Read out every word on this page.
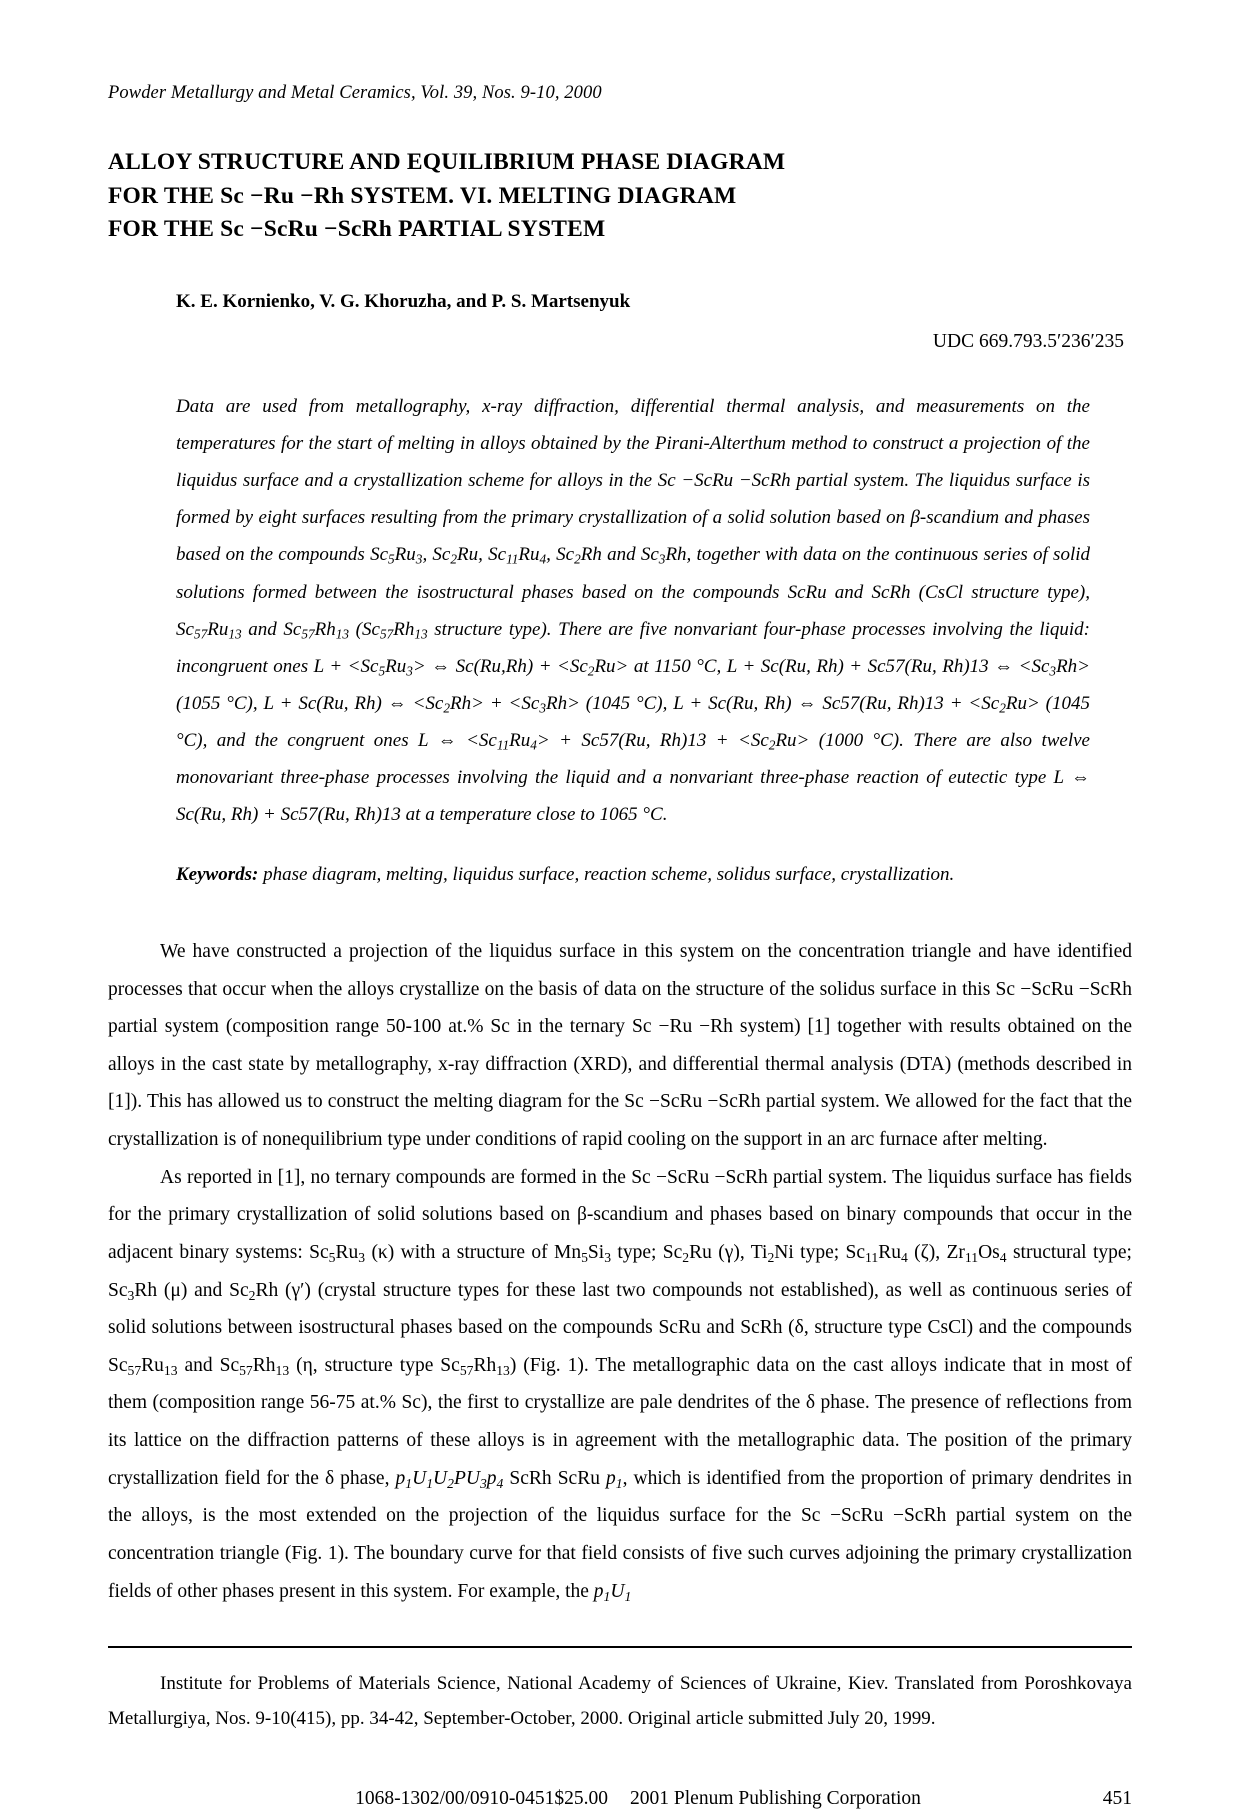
Powder Metallurgy and Metal Ceramics, Vol. 39, Nos. 9-10, 2000
ALLOY STRUCTURE AND EQUILIBRIUM PHASE DIAGRAM
FOR THE Sc −Ru −Rh SYSTEM. VI. MELTING DIAGRAM
FOR THE Sc −ScRu −ScRh PARTIAL SYSTEM
K. E. Kornienko, V. G. Khoruzha, and P. S. Martsenyuk
UDC 669.793.5′236′235
Data are used from metallography, x-ray diffraction, differential thermal analysis, and measurements on the temperatures for the start of melting in alloys obtained by the Pirani-Alterthum method to construct a projection of the liquidus surface and a crystallization scheme for alloys in the Sc −ScRu −ScRh partial system. The liquidus surface is formed by eight surfaces resulting from the primary crystallization of a solid solution based on β-scandium and phases based on the compounds $Sc_5Ru_3$, $Sc_2Ru$, $Sc_{11}Ru_4$, $Sc_2Rh$ and $Sc_3Rh$, together with data on the continuous series of solid solutions formed between the isostructural phases based on the compounds ScRu and ScRh (CsCl structure type), $Sc_{57}Ru_{13}$ and $Sc_{57}Rh_{13}$ ($Sc_{57}Rh_{13}$ structure type). There are five nonvariant four-phase processes involving the liquid: incongruent ones $L + <Sc_5Ru_3>$ ⇔ $Sc(Ru,Rh) + <Sc_2Ru>$ at 1150 °C, L + Sc(Ru, Rh) + Sc57(Ru, Rh)13 ⇔ $<Sc_3Rh> (1055$ °C), L + Sc(Ru, Rh) ⇔ $<Sc_2Rh> + <Sc_3Rh> (1045$ °C), L + Sc(Ru, Rh) ⇔ Sc57(Ru, $Rh)13 + <Sc_2Ru> (1045$ °C), and the congruent ones L ⇔ $<Sc_{11}Ru_4> + Sc57(Ru$, $Rh)13 + <Sc_2Ru> (1000$ °C). There are also twelve monovariant three-phase processes involving the liquid and a nonvariant three-phase reaction of eutectic type L ⇔ Sc(Ru, Rh) + Sc57(Ru, Rh)13 at a temperature close to 1065 °C.
Keywords: phase diagram, melting, liquidus surface, reaction scheme, solidus surface, crystallization.

We have constructed a projection of the liquidus surface in this system on the concentration triangle and have identified processes that occur when the alloys crystallize on the basis of data on the structure of the solidus surface in this Sc −ScRu −ScRh partial system (composition range 50-100 at.% Sc in the ternary Sc −Ru −Rh system) [1] together with results obtained on the alloys in the cast state by metallography, x-ray diffraction (XRD), and differential thermal analysis (DTA) (methods described in [1]). This has allowed us to construct the melting diagram for the Sc −ScRu −ScRh partial system. We allowed for the fact that the crystallization is of nonequilibrium type under conditions of rapid cooling on the support in an arc furnace after melting.

As reported in [1], no ternary compounds are formed in the Sc −ScRu −ScRh partial system. The liquidus surface has fields for the primary crystallization of solid solutions based on β-scandium and phases based on binary compounds that occur in the adjacent binary systems: $Sc_5Ru_3$ (κ) with a structure of $Mn_5Si_3$ type; $Sc_2Ru$ (γ), $Ti_2Ni$ type; $Sc_{11}Ru_4$ (ζ), $Zr_{11}Os_4$ structural type; $Sc_3Rh$ (μ) and $Sc_2Rh$ (γ′) (crystal structure types for these last two compounds not established), as well as continuous series of solid solutions between isostructural phases based on the compounds ScRu and ScRh (δ, structure type CsCl) and the compounds $Sc_{57}Ru_{13}$ and $Sc_{57}Rh_{13}$ (η, structure type $Sc_{57}Rh_{13}$) (Fig. 1). The metallographic data on the cast alloys indicate that in most of them (composition range 56-75 at.% Sc), the first to crystallize are pale dendrites of the δ phase. The presence of reflections from its lattice on the diffraction patterns of these alloys is in agreement with the metallographic data. The position of the primary crystallization field for the δ phase, $p_1U_1U_2PU_3p_4$ ScRh ScRu $p_1$, which is identified from the proportion of primary dendrites in the alloys, is the most extended on the projection of the liquidus surface for the Sc −ScRu −ScRh partial system on the concentration triangle (Fig. 1). The boundary curve for that field consists of five such curves adjoining the primary crystallization fields of other phases present in this system. For example, the $p_1U_1$

Institute for Problems of Materials Science, National Academy of Sciences of Ukraine, Kiev. Translated from Poroshkovaya Metallurgiya, Nos. 9-10(415), pp. 34-42, September-October, 2000. Original article submitted July 20, 1999.
1068-1302/00/0910-0451$25.00 2001 Plenum Publishing Corporation	451
